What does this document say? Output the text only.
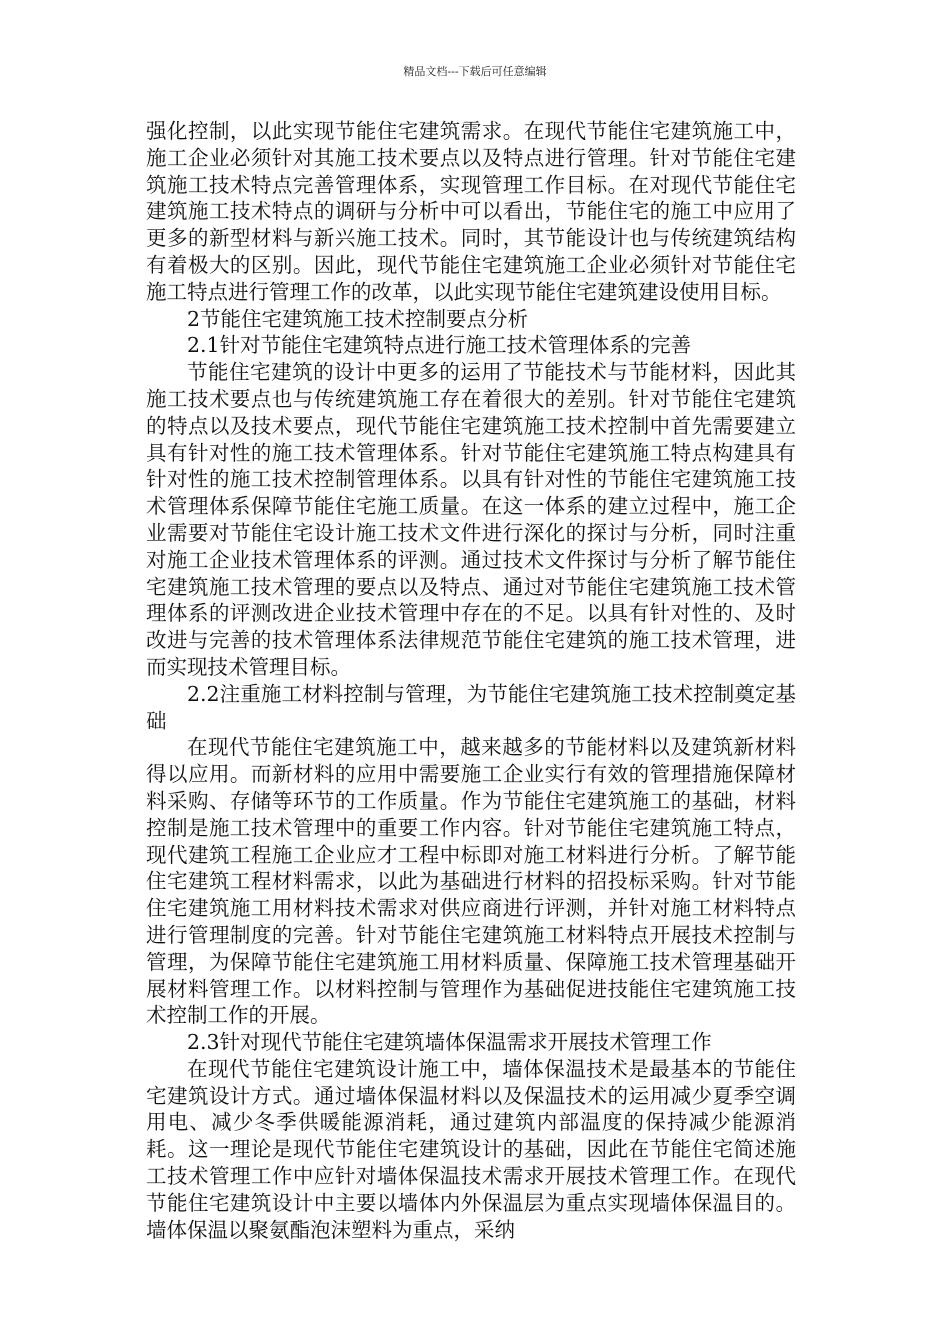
精品文档---下载后可任意编辑

强化控制，以此实现节能住宅建筑需求。在现代节能住宅建筑施工中，施工企业必须针对其施工技术要点以及特点进行管理。针对节能住宅建筑施工技术特点完善管理体系，实现管理工作目标。在对现代节能住宅建筑施工技术特点的调研与分析中可以看出，节能住宅的施工中应用了更多的新型材料与新兴施工技术。同时，其节能设计也与传统建筑结构有着极大的区别。因此，现代节能住宅建筑施工企业必须针对节能住宅施工特点进行管理工作的改革，以此实现节能住宅建筑建设使用目标。

2节能住宅建筑施工技术控制要点分析

2.1针对节能住宅建筑特点进行施工技术管理体系的完善

节能住宅建筑的设计中更多的运用了节能技术与节能材料，因此其施工技术要点也与传统建筑施工存在着很大的差别。针对节能住宅建筑的特点以及技术要点，现代节能住宅建筑施工技术控制中首先需要建立具有针对性的施工技术管理体系。针对节能住宅建筑施工特点构建具有针对性的施工技术控制管理体系。以具有针对性的节能住宅建筑施工技术管理体系保障节能住宅施工质量。在这一体系的建立过程中，施工企业需要对节能住宅设计施工技术文件进行深化的探讨与分析，同时注重对施工企业技术管理体系的评测。通过技术文件探讨与分析了解节能住宅建筑施工技术管理的要点以及特点、通过对节能住宅建筑施工技术管理体系的评测改进企业技术管理中存在的不足。以具有针对性的、及时改进与完善的技术管理体系法律规范节能住宅建筑的施工技术管理，进而实现技术管理目标。

2.2注重施工材料控制与管理，为节能住宅建筑施工技术控制奠定基础

在现代节能住宅建筑施工中，越来越多的节能材料以及建筑新材料得以应用。而新材料的应用中需要施工企业实行有效的管理措施保障材料采购、存储等环节的工作质量。作为节能住宅建筑施工的基础，材料控制是施工技术管理中的重要工作内容。针对节能住宅建筑施工特点，现代建筑工程施工企业应才工程中标即对施工材料进行分析。了解节能住宅建筑工程材料需求，以此为基础进行材料的招投标采购。针对节能住宅建筑施工用材料技术需求对供应商进行评测，并针对施工材料特点进行管理制度的完善。针对节能住宅建筑施工材料特点开展技术控制与管理，为保障节能住宅建筑施工用材料质量、保障施工技术管理基础开展材料管理工作。以材料控制与管理作为基础促进技能住宅建筑施工技术控制工作的开展。

2.3针对现代节能住宅建筑墙体保温需求开展技术管理工作

在现代节能住宅建筑设计施工中，墙体保温技术是最基本的节能住宅建筑设计方式。通过墙体保温材料以及保温技术的运用减少夏季空调用电、减少冬季供暖能源消耗，通过建筑内部温度的保持减少能源消耗。这一理论是现代节能住宅建筑设计的基础，因此在节能住宅简述施工技术管理工作中应针对墙体保温技术需求开展技术管理工作。在现代节能住宅建筑设计中主要以墙体内外保温层为重点实现墙体保温目的。墙体保温以聚氨酯泡沫塑料为重点，采纳
